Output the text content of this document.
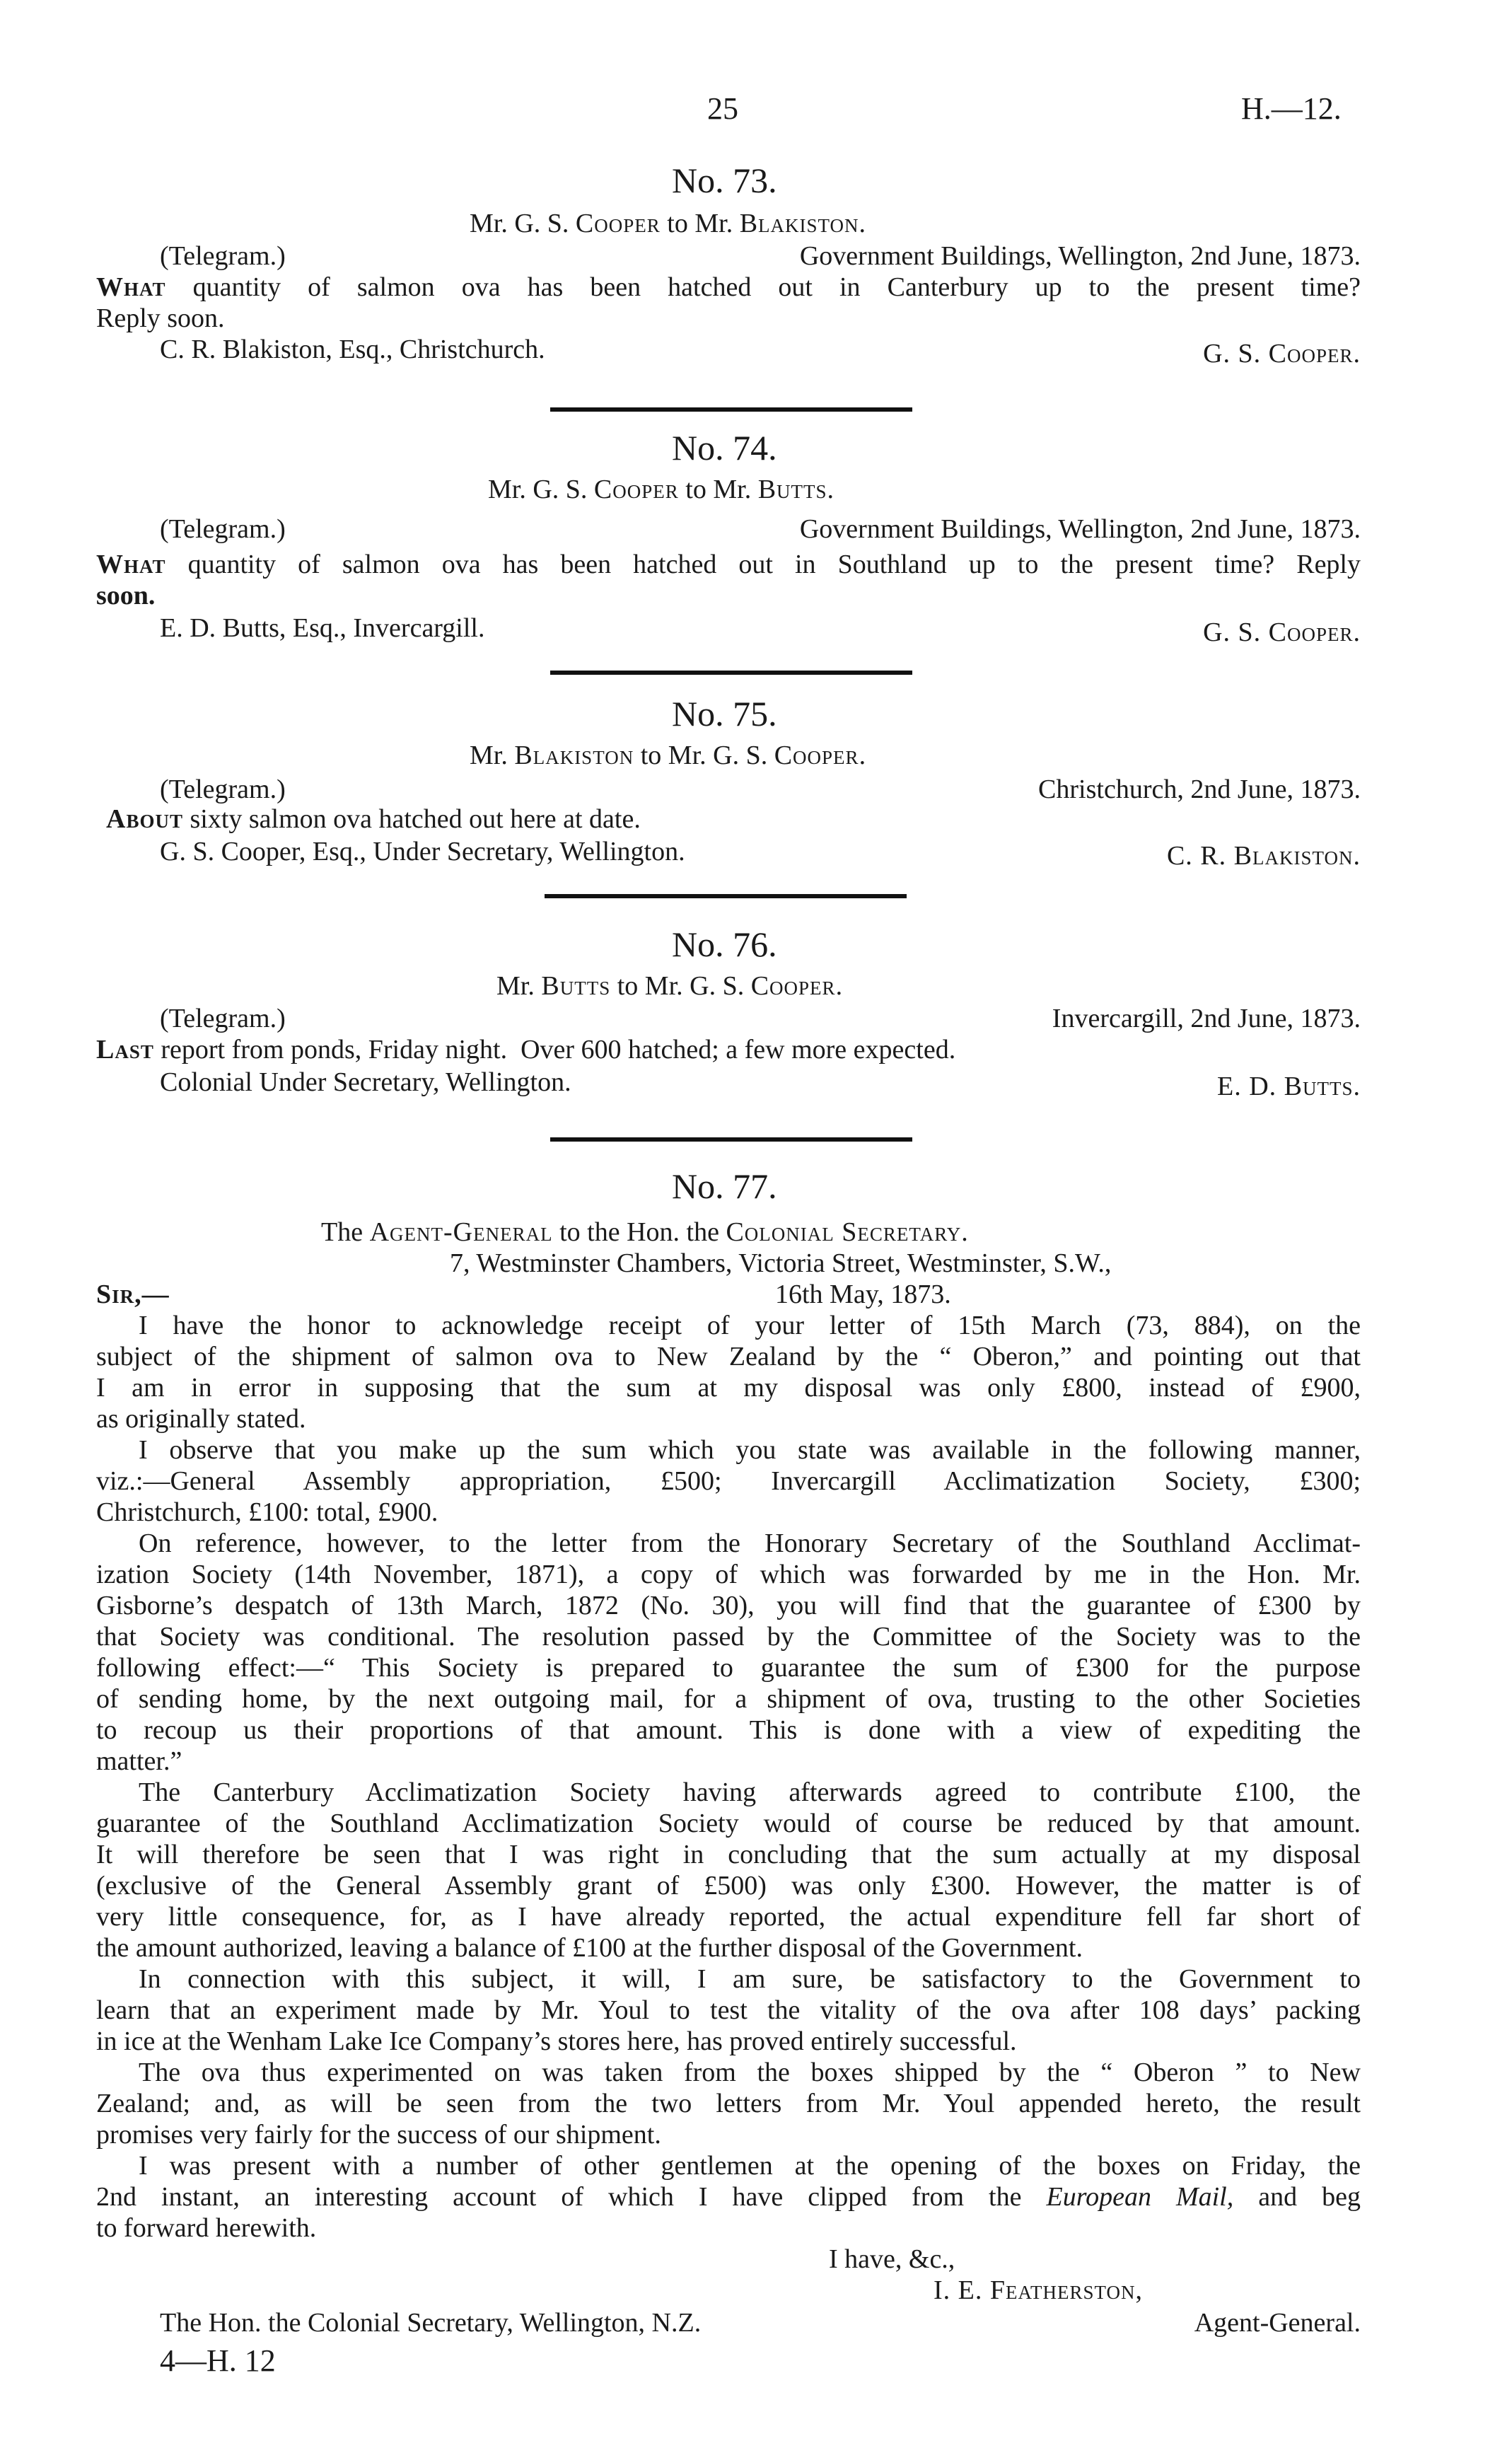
25	H.—12.
No. 73.
Mr. G. S. Cooper to Mr. Blakiston.
(Telegram.)	Government Buildings, Wellington, 2nd June, 1873.
What quantity of salmon ova has been hatched out in Canterbury up to the present time?
Reply soon.
C. R. Blakiston, Esq., Christchurch.	G. S. Cooper.
No. 74.
Mr. G. S. Cooper to Mr. Butts.
(Telegram.)	Government Buildings, Wellington, 2nd June, 1873.
What quantity of salmon ova has been hatched out in Southland up to the present time? Reply
soon.
E. D. Butts, Esq., Invercargill.	G. S. Cooper.
No. 75.
Mr. Blakiston to Mr. G. S. Cooper.
(Telegram.)	Christchurch, 2nd June, 1873.
About sixty salmon ova hatched out here at date.
G. S. Cooper, Esq., Under Secretary, Wellington.	C. R. Blakiston.
No. 76.
Mr. Butts to Mr. G. S. Cooper.
(Telegram.)	Invercargill, 2nd June, 1873.
Last report from ponds, Friday night.  Over 600 hatched; a few more expected.
Colonial Under Secretary, Wellington.	E. D. Butts.
No. 77.
The Agent-General to the Hon. the Colonial Secretary.
7, Westminster Chambers, Victoria Street, Westminster, S.W.,
Sir,—	16th May, 1873.
I have the honor to acknowledge receipt of your letter of 15th March (73, 884), on the
subject of the shipment of salmon ova to New Zealand by the “ Oberon,” and pointing out that
I am in error in supposing that the sum at my disposal was only £800, instead of £900,
as originally stated.
I observe that you make up the sum which you state was available in the following manner,
viz.:—General Assembly appropriation, £500; Invercargill Acclimatization Society, £300;
Christchurch, £100: total, £900.
On reference, however, to the letter from the Honorary Secretary of the Southland Acclimat-
ization Society (14th November, 1871), a copy of which was forwarded by me in the Hon. Mr.
Gisborne’s despatch of 13th March, 1872 (No. 30), you will find that the guarantee of £300 by
that Society was conditional. The resolution passed by the Committee of the Society was to the
following effect:—“ This Society is prepared to guarantee the sum of £300 for the purpose
of sending home, by the next outgoing mail, for a shipment of ova, trusting to the other Societies
to recoup us their proportions of that amount. This is done with a view of expediting the
matter.”
The Canterbury Acclimatization Society having afterwards agreed to contribute £100, the
guarantee of the Southland Acclimatization Society would of course be reduced by that amount.
It will therefore be seen that I was right in concluding that the sum actually at my disposal
(exclusive of the General Assembly grant of £500) was only £300. However, the matter is of
very little consequence, for, as I have already reported, the actual expenditure fell far short of
the amount authorized, leaving a balance of £100 at the further disposal of the Government.
In connection with this subject, it will, I am sure, be satisfactory to the Government to
learn that an experiment made by Mr. Youl to test the vitality of the ova after 108 days’ packing
in ice at the Wenham Lake Ice Company’s stores here, has proved entirely successful.
The ova thus experimented on was taken from the boxes shipped by the “ Oberon ” to New
Zealand; and, as will be seen from the two letters from Mr. Youl appended hereto, the result
promises very fairly for the success of our shipment.
I was present with a number of other gentlemen at the opening of the boxes on Friday, the
2nd instant, an interesting account of which I have clipped from the European Mail, and beg
to forward herewith.
I have, &c.,
I. E. Featherston,
The Hon. the Colonial Secretary, Wellington, N.Z.	Agent-General.
4—H. 12
